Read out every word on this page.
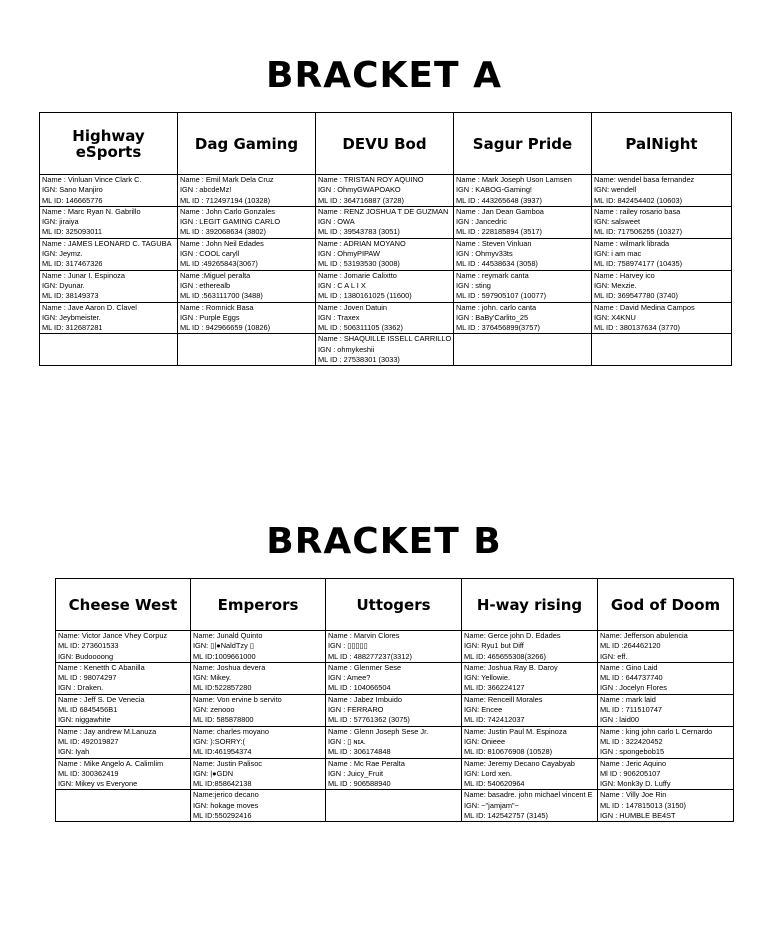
BRACKET A
Highway eSports	Dag Gaming	DEVU Bod	Sagur Pride	PalNight

Name : Vinluan Vince Clark C.
IGN: Sano Manjiro
ML ID: 146665776	Name : Emil Mark Dela Cruz
IGN : abcdeMz!
ML ID : 712497194 (10328)	Name : TRISTAN ROY AQUINO
IGN : OhmyGWAPOAKO
ML ID : 364716887 (3728)	Name : Mark Joseph Uson Lamsen
IGN : KABOG-Gaming!
ML ID : 443265648 (3937)	Name: wendel basa fernandez
IGN: wendell
ML ID: 842454402 (10603)

Name : Marc Ryan N. Gabrillo
IGN: jiraiya
ML ID: 325093011	Name : John Carlo Gonzales
IGN : LEGIT GAMING CARLO
ML ID : 392068634 (3802)	Name : RENZ JOSHUA T DE GUZMAN
IGN : OWA
ML ID : 39543783 (3051)	Name : Jan Dean Gamboa
IGN : Jancedric
ML ID : 228185894 (3517)	Name : railey rosario basa
IGN: salsweet
ML ID: 717506255 (10327)

Name : JAMES LEONARD C. TAGUBA
IGN: Jeymz.
ML ID: 317467326	Name : John Neil Edades
IGN : COOL caryll
ML ID :49265843(3067)	Name : ADRIAN MOYANO
IGN : OhmyPIPAW
ML ID : 53193530 (3008)	Name : Steven Vinluan
IGN : Ohmyv33ts
ML ID : 44538634 (3058)	Name : wilmark librada
IGN: i am mac
ML ID: 758974177 (10435)

Name : Junar I. Espinoza
IGN: Dyunar.
ML ID: 38149373	Name :Miguel peralta
IGN : etherealb
ML ID :563111700 (3488)	Name : Jomarie Calixtto
IGN : C A L I X
ML ID : 1380161025 (11600)	Name : reymark canta
IGN : sting
ML ID : 597905107 (10077)	Name : Harvey ico
IGN: Mexzie.
ML ID: 369547780 (3740)

Name : Jave Aaron D. Clavel
IGN: Jeybmeister.
ML ID: 312687281	Name : Romnick Basa
IGN : Purple Eggs
ML ID : 942966659 (10826)	Name : Joven Datuin
IGN : Traxex
ML ID : 506311105 (3362)	Name : john. carlo canta
IGN : BaBy'Carlito_25
ML ID : 376456899(3757)	Name : David Medina Campos
IGN: X4KNU
ML ID : 380137634 (3770)

		Name : SHAQUILLE ISSELL CARRILLO
IGN : ohmykeshii
ML ID : 27538301 (3033)		

BRACKET B
Cheese West	Emperors	Uttogers	H-way rising	God of Doom

Name: Victor Jance Vhey Corpuz
ML ID: 273601533
IGN: Budoooong	Name: Junald Quinto
IGN: ▯|●NaldTzy ▯
ML ID:1009661000	Name : Marvin Clores
IGN : ▯▯▯▯▯
ML ID : 488277237(3312)	Name: Gerce john D. Edades
IGN: Ryu1 but Diff
ML ID: 465655308(3266)	Name: Jefferson abulencia
ML ID :264462120
IGN: eff.

Name : Kenetth C Abanilla
ML ID : 98074297
IGN : Draken.	Name: Joshua devera
IGN: Mikey.
ML ID:522857280	Name : Glenmer Sese
IGN : Amee?
ML ID : 104066504	Name: Joshua Ray B. Daroy
IGN: Yellowie.
ML ID: 366224127	Name : Gino Laid
ML ID : 644737740
IGN : Jocelyn Flores

Name : Jeff S. De Venecia
ML ID 6845456B1
IGN: niggawhite	Name: Von ervine b servito
IGN: zenooo
ML ID: 585878800	Name : Jabez Imbuido
IGN : FERRARO
ML ID : 57761362 (3075)	Name: Renceill Morales
IGN: Encee
ML ID: 742412037	Name : mark laid
ML ID : 711510747
IGN : laid00

Name : Jay andrew M.Lanuza
ML ID: 492019827
IGN: Iyah	Name: charles moyano
IGN: ):SORRY:(
ML ID:461954374	Name : Glenn Joseph Sese Jr.
IGN : ▯ ɴɪᴀ.
ML ID : 306174848	Name: Justin Paul M. Espinoza
IGN: Onieee
ML ID: 810676908 (10528)	Name : king john carlo L Cernardo
ML ID : 322420452
IGN : spongebob15

Name : Mike Angelo A. Calimlim
ML ID: 300362419
IGN: Mikey vs Everyone	Name: Justin Palisoc
IGN: |●GDN
ML ID:858642138	Name : Mc Rae Peralta
IGN : Juicy_Fruit
ML ID : 906588940	Name: Jeremy Decano Cayabyab
IGN: Lord xen.
ML ID: 540620964	Name : Jeric Aquino
Ml ID : 906205107
IGN: Monk3y D. Luffy

	Name:jerico decano
IGN: hokage moves
ML ID:550292416		Name: basadre. john michael vincent E
IGN: ~"jamjam"~
ML ID: 142542757 (3145)	Name : Villy Joe Rin
ML ID : 147815013 (3150)
IGN : HUMBLE BE4ST
